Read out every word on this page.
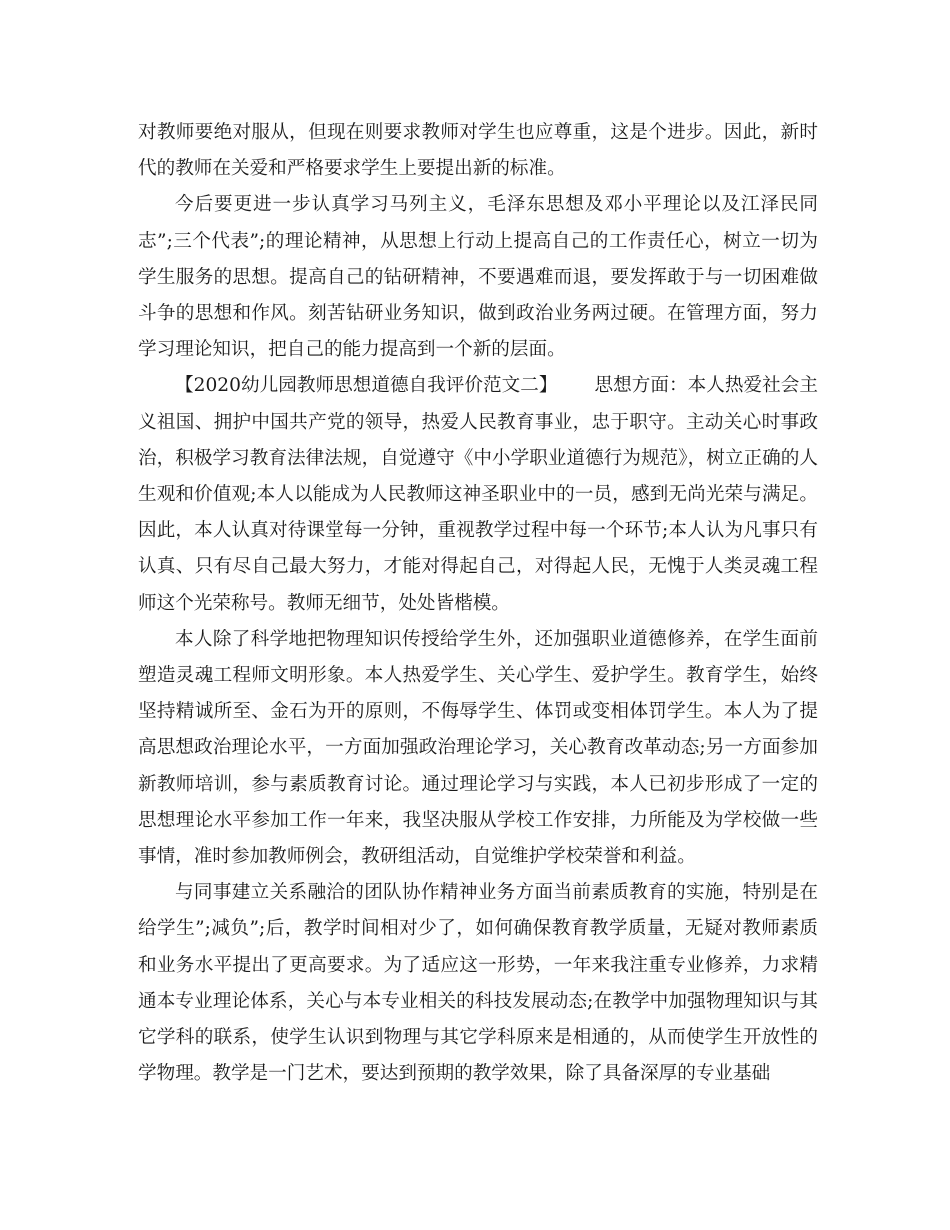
对教师要绝对服从，但现在则要求教师对学生也应尊重，这是个进步。因此，新时代的教师在关爱和严格要求学生上要提出新的标准。

今后要更进一步认真学习马列主义，毛泽东思想及邓小平理论以及江泽民同志”;三个代表”;的理论精神，从思想上行动上提高自己的工作责任心，树立一切为学生服务的思想。提高自己的钻研精神，不要遇难而退，要发挥敢于与一切困难做斗争的思想和作风。刻苦钻研业务知识，做到政治业务两过硬。在管理方面，努力学习理论知识，把自己的能力提高到一个新的层面。

【2020幼儿园教师思想道德自我评价范文二】 思想方面：本人热爱社会主义祖国、拥护中国共产党的领导，热爱人民教育事业，忠于职守。主动关心时事政治，积极学习教育法律法规，自觉遵守《中小学职业道德行为规范》，树立正确的人生观和价值观;本人以能成为人民教师这神圣职业中的一员，感到无尚光荣与满足。因此，本人认真对待课堂每一分钟，重视教学过程中每一个环节;本人认为凡事只有认真、只有尽自己最大努力，才能对得起自己，对得起人民，无愧于人类灵魂工程师这个光荣称号。教师无细节，处处皆楷模。

本人除了科学地把物理知识传授给学生外，还加强职业道德修养，在学生面前塑造灵魂工程师文明形象。本人热爱学生、关心学生、爱护学生。教育学生，始终坚持精诚所至、金石为开的原则，不侮辱学生、体罚或变相体罚学生。本人为了提高思想政治理论水平，一方面加强政治理论学习，关心教育改革动态;另一方面参加新教师培训，参与素质教育讨论。通过理论学习与实践，本人已初步形成了一定的思想理论水平参加工作一年来，我坚决服从学校工作安排，力所能及为学校做一些事情，准时参加教师例会，教研组活动，自觉维护学校荣誉和利益。

与同事建立关系融洽的团队协作精神业务方面当前素质教育的实施，特别是在给学生”;减负”;后，教学时间相对少了，如何确保教育教学质量，无疑对教师素质和业务水平提出了更高要求。为了适应这一形势，一年来我注重专业修养，力求精通本专业理论体系，关心与本专业相关的科技发展动态;在教学中加强物理知识与其它学科的联系，使学生认识到物理与其它学科原来是相通的，从而使学生开放性的学物理。教学是一门艺术，要达到预期的教学效果，除了具备深厚的专业基础
